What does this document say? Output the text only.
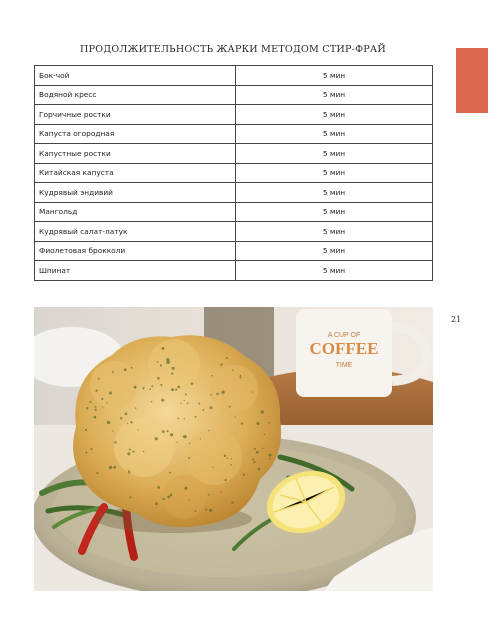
ПРОДОЛЖИТЕЛЬНОСТЬ ЖАРКИ МЕТОДОМ СТИР-ФРАЙ
Бок-чой	5 мин
Водяной кресс	5 мин
Горчичные ростки	5 мин
Капуста огородная	5 мин
Капустные ростки	5 мин
Китайская капуста	5 мин
Кудрявый эндивий	5 мин
Мангольд	5 мин
Кудрявый салат-латук	5 мин
Фиолетовая брокколи	5 мин
Шпинат	5 мин
21
A CUP OF
COFFEE
TIME
